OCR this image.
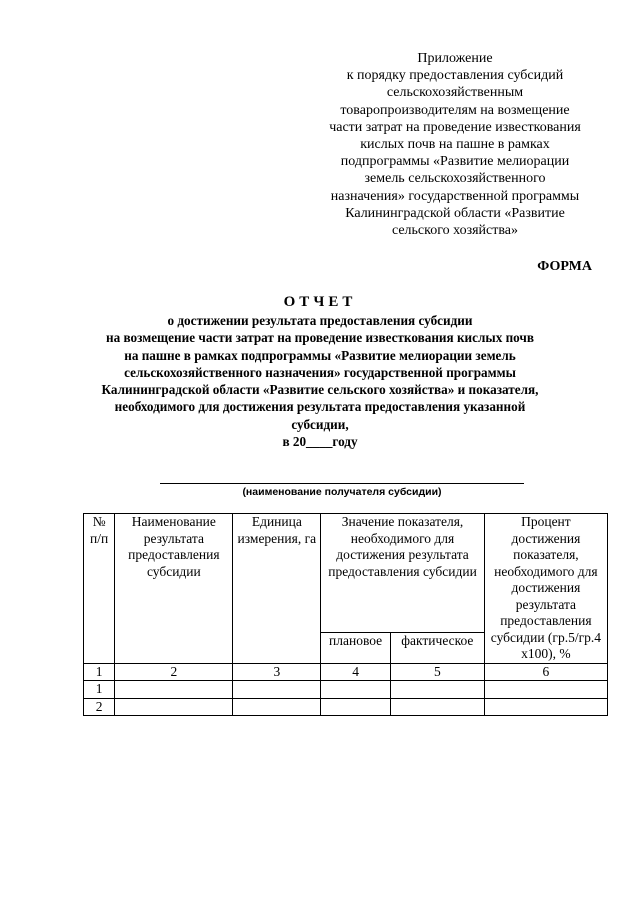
Приложение
к порядку предоставления субсидий
сельскохозяйственным
товаропроизводителям на возмещение
части затрат на проведение известкования
кислых почв на пашне в рамках
подпрограммы «Развитие мелиорации
земель сельскохозяйственного
назначения» государственной программы
Калининградской области «Развитие
сельского хозяйства»
ФОРМА
ОТЧЕТ
о достижении результата предоставления субсидии
на возмещение части затрат на проведение известкования кислых почв
на пашне в рамках подпрограммы «Развитие мелиорации земель
сельскохозяйственного назначения» государственной программы
Калининградской области «Развитие сельского хозяйства» и показателя,
необходимого для достижения результата предоставления указанной
субсидии,
в 20____году
(наименование получателя субсидии)
№ п/п	Наименование результата предоставления субсидии	Единица измерения, га	Значение показателя, необходимого для достижения результата предоставления субсидии		Процент достижения показателя, необходимого для достижения результата предоставления субсидии (гр.5/гр.4 х100), %
			плановое	фактическое	
1	2	3	4	5	6
1					
2					
